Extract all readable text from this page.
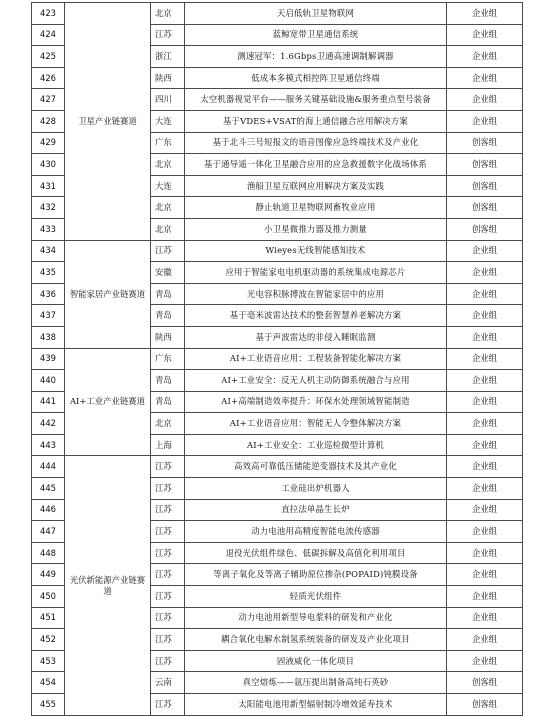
423	卫星产业链赛道	北京	天启低轨卫星物联网	企业组
424		江苏	蓝鲸宽带卫星通信系统	企业组
425		浙江	测速冠军：1.6Gbps卫通高速调制解调器	企业组
426		陕西	低成本多模式相控阵卫星通信终端	企业组
427		四川	太空机器视觉平台——服务关键基础设施&服务重点型号装备	企业组
428		大连	基于VDES+VSAT的海上通信融合应用解决方案	企业组
429		广东	基于北斗三号短报文的语音图像应急终端技术及产业化	创客组
430		北京	基于通导遥一体化卫星融合应用的应急救援数字化战场体系	创客组
431		大连	渔船卫星互联网应用解决方案及实践	创客组
432		北京	静止轨道卫星物联网畜牧业应用	创客组
433		北京	小卫星微推力器及推力测量	创客组
434	智能家居产业链赛道	江苏	Wieyes无线智能感知技术	企业组
435		安徽	应用于智能家电电机驱动器的系统集成电源芯片	企业组
436		青岛	光电容积脉搏波在智能家居中的应用	企业组
437		青岛	基于毫米波雷达技术的整套智慧养老解决方案	企业组
438		陕西	基于声波雷达的非侵入睡眠监测	企业组
439	AI+工业产业链赛道	广东	AI+工业语音应用：工程装备智能化解决方案	企业组
440		青岛	AI+工业安全：反无人机主动防御系统融合与应用	企业组
441		青岛	AI+高端制造效率提升：环保水处理领域智能制造	企业组
442		北京	AI+工业语音应用：智能无人令整体解决方案	企业组
443		上海	AI+工业安全：工业巡检微型计算机	企业组
444	光伏新能源产业链赛道	江苏	高效高可靠低压储能逆变器技术及其产业化	企业组
445		江苏	工业硅出炉机器人	企业组
446		江苏	直拉法单晶生长炉	企业组
447		江苏	动力电池用高精度智能电流传感器	企业组
448		江苏	退役光伏组件绿色、低碳拆解及高值化利用项目	企业组
449		江苏	等离子氧化及等离子辅助原位掺杂(POPAID)钝膜设备	企业组
450		江苏	轻质光伏组件	企业组
451		江苏	动力电池用新型导电浆料的研发和产业化	企业组
452		江苏	耦合氧化电解水制氢系统装备的研发及产业化项目	企业组
453		江苏	固液威化一体化项目	企业组
454		云南	真空熔炼——氩压提出制备高纯石英砂	创客组
455		江苏	太阳能电池用新型辐射制冷增效延寿技术	创客组
